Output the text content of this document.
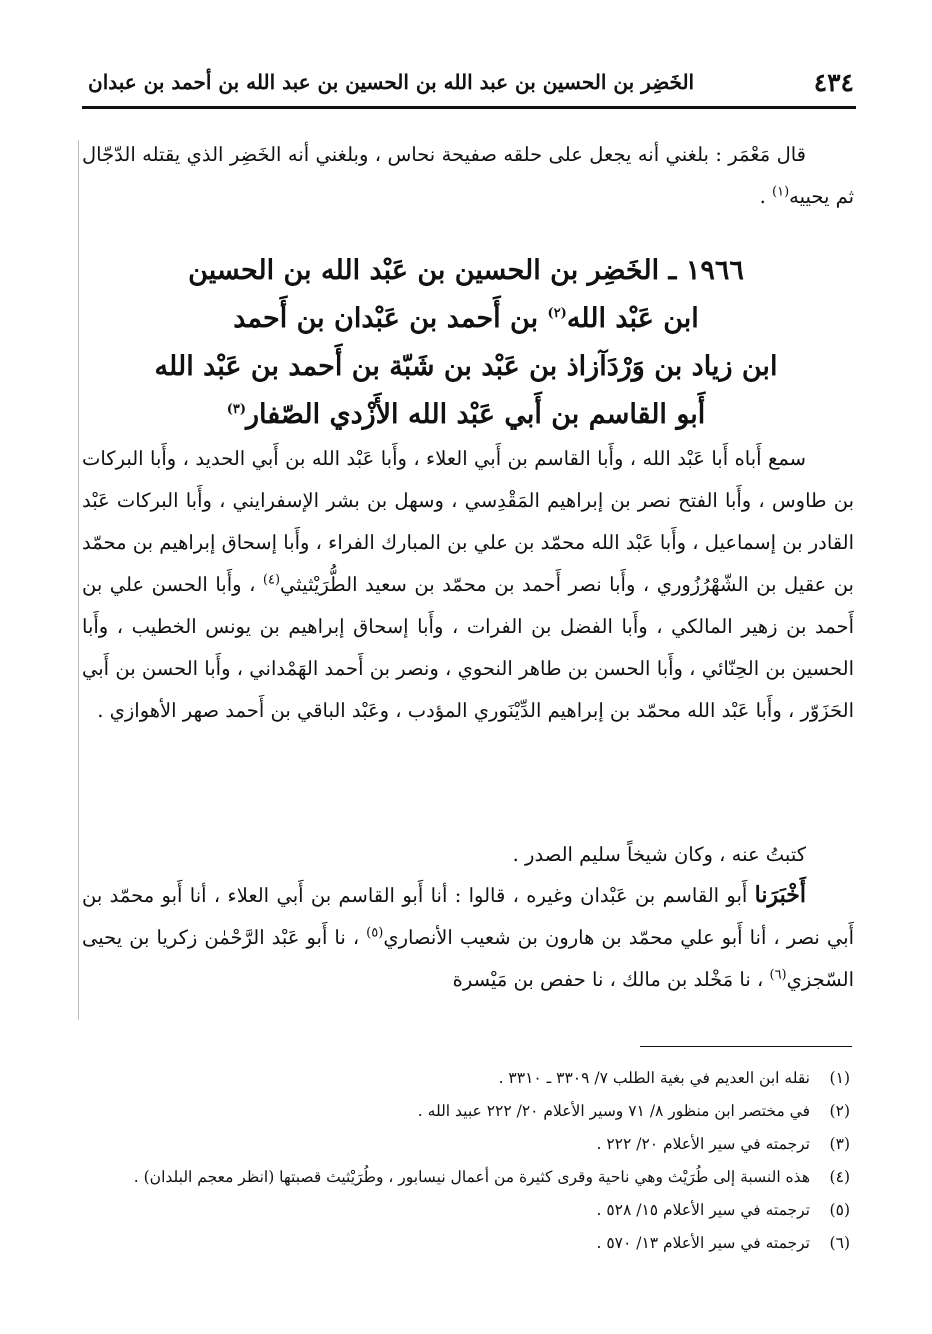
٤٣٤
الخَضِر بن الحسين بن عبد الله بن الحسين بن عبد الله بن أحمد بن عبدان

قال مَعْمَر : بلغني أنه يجعل على حلقه صفيحة نحاس ، وبلغني أنه الخَضِر الذي يقتله الدّجّال ثم يحييه$^{(١)}$ .

١٩٦٦ ـ الخَضِر بن الحسين بن عَبْد الله بن الحسين
ابن عَبْد الله$^{(٢)}$ بن أَحمد بن عَبْدان بن أَحمد
ابن زياد بن وَرْدَآزاذ بن عَبْد بن شَبّة بن أَحمد بن عَبْد الله
أَبو القاسم بن أَبي عَبْد الله الأَزْدي الصّفار$^{(٣)}$

سمع أَباه أَبا عَبْد الله ، وأَبا القاسم بن أَبي العلاء ، وأَبا عَبْد الله بن أَبي الحديد ، وأَبا البركات بن طاوس ، وأَبا الفتح نصر بن إبراهيم المَقْدِسي ، وسهل بن بشر الإسفرايني ، وأَبا البركات عَبْد القادر بن إسماعيل ، وأَبا عَبْد الله محمّد بن علي بن المبارك الفراء ، وأَبا إسحاق إبراهيم بن محمّد بن عقيل بن الشّهْرُزُوري ، وأَبا نصر أَحمد بن محمّد بن سعيد الطُّرَيْثيثي$^{(٤)}$ ، وأَبا الحسن علي بن أَحمد بن زهير المالكي ، وأَبا الفضل بن الفرات ، وأَبا إسحاق إبراهيم بن يونس الخطيب ، وأَبا الحسين بن الحِنّائي ، وأَبا الحسن بن طاهر النحوي ، ونصر بن أَحمد الهَمْداني ، وأَبا الحسن بن أَبي الحَزَوّر ، وأَبا عَبْد الله محمّد بن إبراهيم الدِّيْنَوري المؤدب ، وعَبْد الباقي بن أَحمد صهر الأهوازي .

كتبتُ عنه ، وكان شيخاً سليم الصدر .

أَخْبَرَنا أَبو القاسم بن عَبْدان وغيره ، قالوا : أنا أَبو القاسم بن أَبي العلاء ، أنا أَبو محمّد بن أَبي نصر ، أنا أَبو علي محمّد بن هارون بن شعيب الأنصاري$^{(٥)}$ ، نا أَبو عَبْد الرَّحْمٰن زكريا بن يحيى السّجزي$^{(٦)}$ ، نا مَخْلد بن مالك ، نا حفص بن مَيْسرة

(١)
نقله ابن العديم في بغية الطلب ٧/ ٣٣٠٩ ـ ٣٣١٠ .
(٢)
في مختصر ابن منظور ٨/ ٧١ وسير الأعلام ٢٠/ ٢٢٢ عبيد الله .
(٣)
ترجمته في سير الأعلام ٢٠/ ٢٢٢ .
(٤)
هذه النسبة إلى طُرَيْث وهي ناحية وقرى كثيرة من أعمال نيسابور ، وطُرَيْثيث قصبتها (انظر معجم البلدان) .
(٥)
ترجمته في سير الأعلام ١٥/ ٥٢٨ .
(٦)
ترجمته في سير الأعلام ١٣/ ٥٧٠ .
